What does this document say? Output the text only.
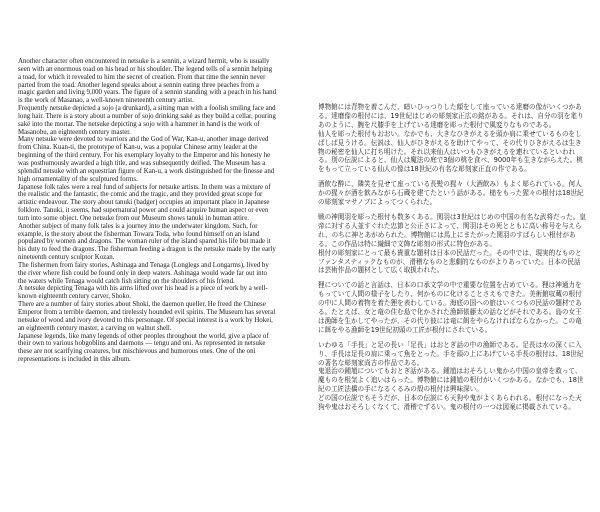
Another character often encountered in netsuke is a sennin, a wizard hermit, who is usually seen with an enormous toad on his head or his shoulder. The legend tells of a sennin helping a toad, for which it revealed to him the secret of creation. From that time the sennin never parted from the toad. Another legend speaks about a sennin eating three peaches from a magic garden and living 9,000 years. The figure of a sennin standing with a peach in his hand is the work of Masanao, a well-known nineteenth century artist.

Frequently netsuke depicted a sojo (a drunkard), a sitting man with a foolish smiling face and long hair. There is a story about a number of sojo drinking saké as they build a cellar, pouring saké into the mortar. The netsuke depicting a sojo with a hammer in hand is the work of Masanobu, an eighteenth century master.

Many netsuke were devoted to warriors and the God of War, Kan-u, another image derived from China. Kuan-ti, the prototype of Kan-u, was a popular Chinese army leader at the beginning of the third century. For his exemplary loyalty to the Emperor and his honesty he was posthumously awarded a high title, and was subsequently deified. The Museum has a splendid netsuke with an equestrian figure of Kan-u, a work distinguished for the finesse and high ornamentality of the sculptured forms.

Japanese folk tales were a real fund of subjects for netsuke artists. In them was a mixture of the realistic and the fantastic, the comic and the tragic, and they provided great scope for artistic endeavour. The story about tanuki (badger) occupies an important place in Japanese folklore. Tanuki, it seems, had supernatural power and could acquire human aspect or even turn into some object. One netsuke from our Museum shows tanuki in human attire.

Another subject of many folk tales is a journey into the underwater kingdom. Such, for example, is the story about the fisherman Towara Toda, who found himself on an island populated by women and dragons. The woman ruler of the island spared his life but made it his duty to feed the dragons. The fisherman feeding a dragon is the netsuke made by the early nineteenth century sculptor Kozan.

The fishermen from fairy stories, Ashinaga and Tenaga (Longlegs and Longarms), lived by the river where fish could be found only in deep waters. Ashinaga would wade far out into the waters while Tenaga would catch fish sitting on the shoulders of his friend.

A netsuke depicting Tenaga with his arms lifted over his head is a piece of work by a well-known eighteenth century carver, Shoko.

There are a number of fairy stories about Shoki, the daemon queller. He freed the Chinese Emperor from a terrible daemon, and tirelessly hounded evil spirits. The Museum has several netsuke of wood and ivory devoted to this personage. Of special interest is a work by Hokei, an eighteenth century master, a carving on walnut shell.

Japanese legends, like many legends of other peoples throughout the world, give a place of their own to various hobgoblins and daemons — tengu and oni. As represented in netsuke these are not scarifying creatures, but mischievous and humorous ones. One of the oni representations is included in this album.

博物館には背物を着こんだ、暗いひっつりした顔をして座っている達磨の像がいくつかある。達磨像の根付には、19世紀はじめの彫刻家正広の銘がある。それは、自分の羽を毟りあのように、腕を尺膝手を上げている達磨を彫った根付で風変りなものである。

仙人を彫った根付もおおい。なかでも、大きなひきがえるを頭か肩に乗せているものをしばしば見うける。伝説は、仙人がひきがえるを助けてやって、その代りひきがえるは生き物の秘密を仙人に打ち明けた。それ以来仙人はいつもひきがえるを連れているといわれる。別の伝説によると、仙人は魔法の庭で3個の桃を食べ、9000年も生きながらえた。桃をもって立っている仙人の像は18世紀の有名な彫刻家正直の作である。

酒飲な酔に、隣笑を見せて座っている長髪の猩々（大酒飲み）もよく彫られている。何人かの猩々が酒を飲みながら石蔵を建てたという話がある。槌をもった猩々の根付は18世紀の彫刻家マサノブによってつくられた。

戦の神関羽を彫った根付も数多くある。関羽は3世紀はじめの中国の有名な武将だった。皇帝に対する人並すぐれた忠節と公正さによって、関羽はその死とともに高い称号を与えられ、のちに神とあがめられた。博物館には馬上にまたがった関羽のすばらしい根付がある。この作品は特に繊細で文飾な彫刻の形式に特色がある。

根付の彫刻家にとって最も貴重な題材は日本の民話だった。その中では、現実的なものとファンタスティックなものが、滑稽なものと悲劇的なものがよりあっていた。日本の民話は芸術作品の題材として広く取扱われた。

狸についての話と言話は、日本の口承文学の中で重要な位置を占めている。狸は神通力をもっていて人間の様子をしたり、何かものに化けることさえもできた。美術館収蔵の根付の中に人間の着物を着た狸を表わしている。海底の国への旅はいくつもの民話の題材である。たとえば、女と竜の住む島で化かされた漁師俵藤太の話などがそれである。島の女王は漁師を生かしてやったが、その代り彼には竜に餌をやらなければならなかった。この竜に餌をやる漁師を19世紀初頭の工匠が根付にされている。

いわゆる「手長」と足の長い「足長」はおとぎ話の中の漁師である。足長は水の深くに入り、手長は足長の肩に乗って魚をとった。手を頭の上にあげている手長の根付は、18世紀の著名な彫刻家尚古の作品である。

鬼退治の鍾馗についてもおとぎ話がある。鍾馗はおそろしい鬼から中国の皇帝を救って、魔ものを根気よく追いはらった。博物館には鍾馗の根付がいくつかある。なかでも、18世紀の工匠法橋の手になるくるみの殻の根付は興味深い。

どの国の伝説でもそうだが、日本の伝説にも天狗や鬼がよくあらわれる。根付になった天狗や鬼はおそろしくなくて、滑稽でずるい。鬼の根付の一つは図案に掲載されている。
